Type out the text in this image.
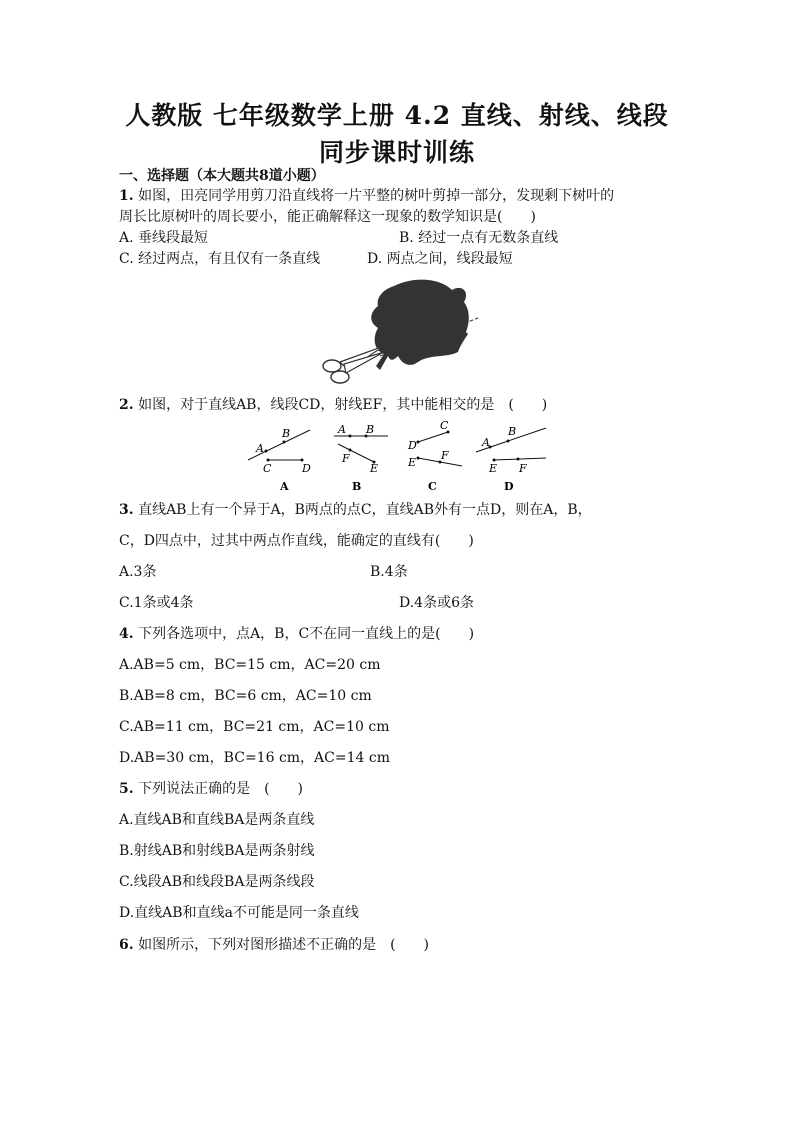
人教版 七年级数学上册 4.2 直线、射线、线段
同步课时训练
一、选择题（本大题共8道小题）
1. 如图，田亮同学用剪刀沿直线将一片平整的树叶剪掉一部分，发现剩下树叶的
周长比原树叶的周长要小，能正确解释这一现象的数学知识是(　　)
A. 垂线段最短	B. 经过一点有无数条直线
C. 经过两点，有且仅有一条直线	D. 两点之间，线段最短
2. 如图，对于直线AB，线段CD，射线EF，其中能相交的是　(　　)
A
B
C	D
A
A B
F
E
B
D
C
E
F
C
A
B
E F
D
3. 直线AB上有一个异于A，B两点的点C，直线AB外有一点D，则在A，B，
C，D四点中，过其中两点作直线，能确定的直线有(　　)
A.3条	B.4条
C.1条或4条	D.4条或6条
4. 下列各选项中，点A，B，C不在同一直线上的是(　　)
A.AB=5 cm，BC=15 cm，AC=20 cm
B.AB=8 cm，BC=6 cm，AC=10 cm
C.AB=11 cm，BC=21 cm，AC=10 cm
D.AB=30 cm，BC=16 cm，AC=14 cm
5. 下列说法正确的是　(　　)
A.直线AB和直线BA是两条直线
B.射线AB和射线BA是两条射线
C.线段AB和线段BA是两条线段
D.直线AB和直线a不可能是同一条直线
6. 如图所示，下列对图形描述不正确的是　(　　)
